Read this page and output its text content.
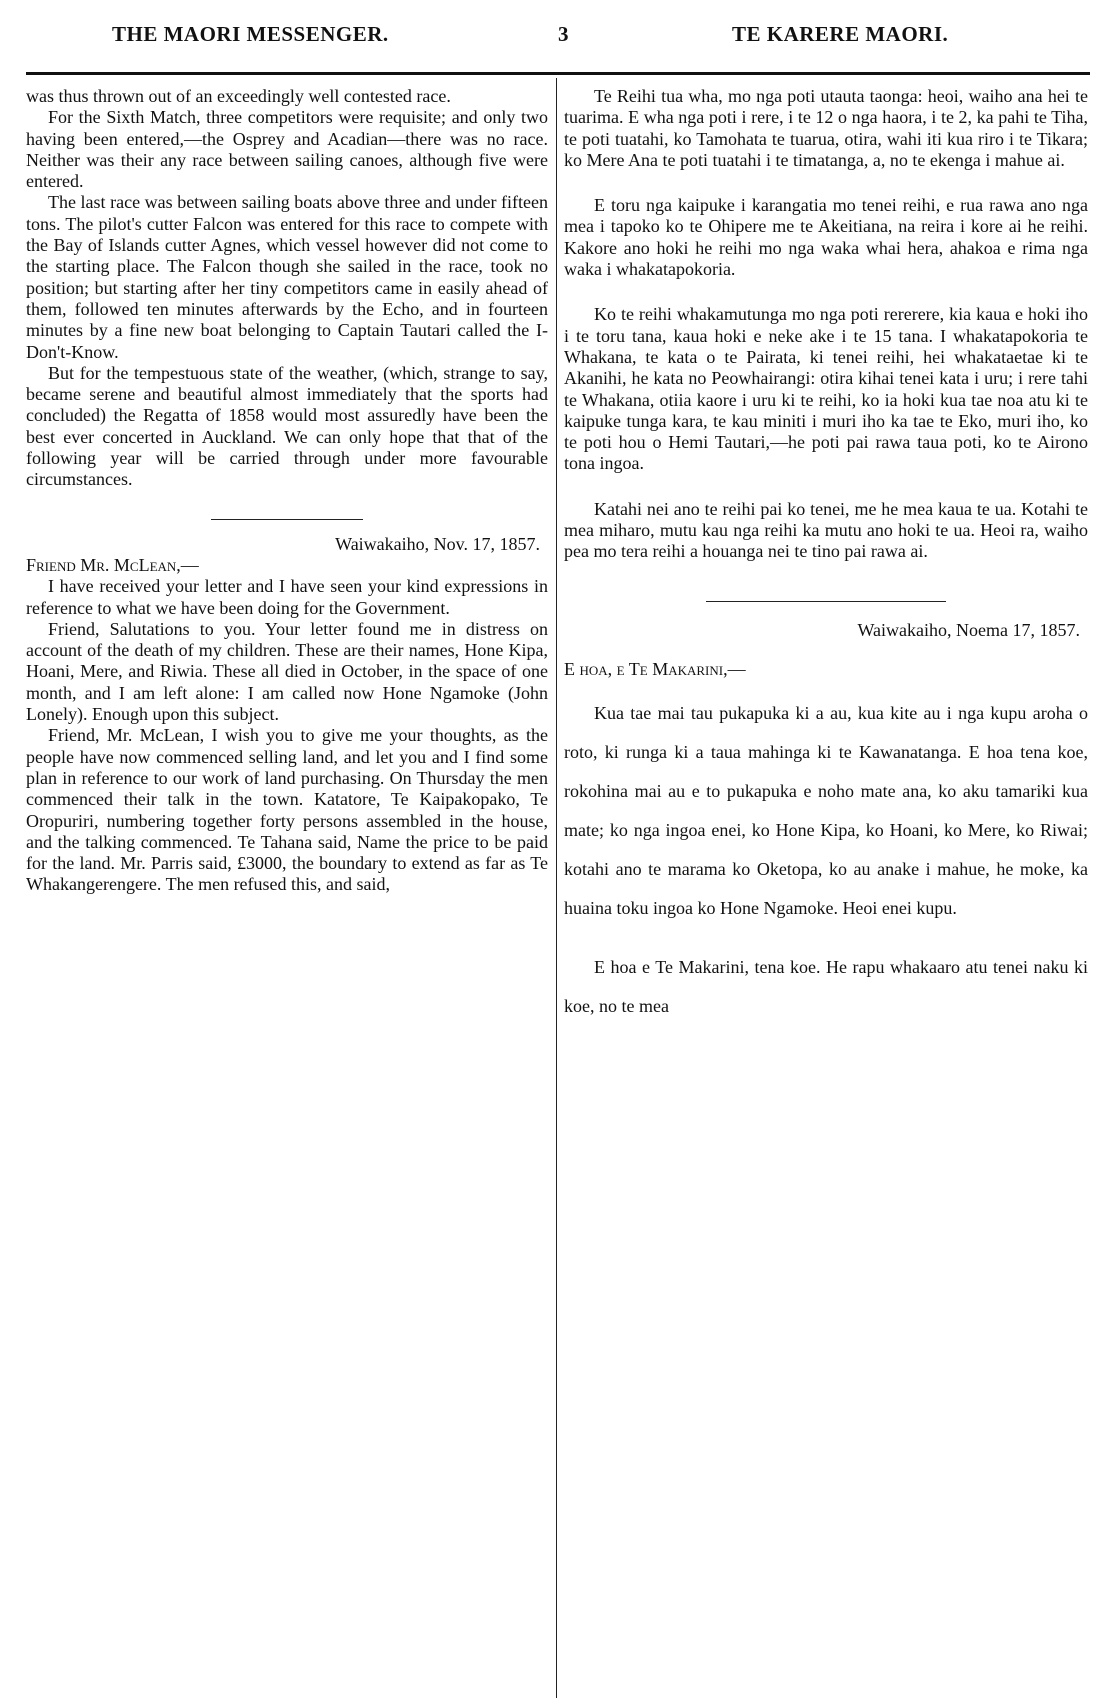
THE MAORI MESSENGER.	3	TE KARERE MAORI.

was thus thrown out of an exceedingly well contested race.

For the Sixth Match, three competitors were requisite; and only two having been entered,—the Osprey and Acadian—there was no race. Neither was their any race between sailing canoes, although five were entered.

The last race was between sailing boats above three and under fifteen tons. The pilot's cutter Falcon was entered for this race to compete with the Bay of Islands cutter Agnes, which vessel however did not come to the starting place. The Falcon though she sailed in the race, took no position; but starting after her tiny competitors came in easily ahead of them, followed ten minutes afterwards by the Echo, and in fourteen minutes by a fine new boat belonging to Captain Tautari called the I-Don't-Know.

But for the tempestuous state of the weather, (which, strange to say, became serene and beautiful almost immediately that the sports had concluded) the Regatta of 1858 would most assuredly have been the best ever concerted in Auckland. We can only hope that that of the following year will be carried through under more favourable circumstances.

Waiwakaiho, Nov. 17, 1857.

Friend Mr. McLean,—

I have received your letter and I have seen your kind expressions in reference to what we have been doing for the Government.

Friend, Salutations to you. Your letter found me in distress on account of the death of my children. These are their names, Hone Kipa, Hoani, Mere, and Riwia. These all died in October, in the space of one month, and I am left alone: I am called now Hone Ngamoke (John Lonely). Enough upon this subject.

Friend, Mr. McLean, I wish you to give me your thoughts, as the people have now commenced selling land, and let you and I find some plan in reference to our work of land purchasing. On Thursday the men commenced their talk in the town. Katatore, Te Kaipakopako, Te Oropuriri, numbering together forty persons assembled in the house, and the talking commenced. Te Tahana said, Name the price to be paid for the land. Mr. Parris said, £3000, the boundary to extend as far as Te Whakangerengere. The men refused this, and said,

Te Reihi tua wha, mo nga poti utauta taonga: heoi, waiho ana hei te tuarima. E wha nga poti i rere, i te 12 o nga haora, i te 2, ka pahi te Tiha, te poti tuatahi, ko Tamohata te tuarua, otira, wahi iti kua riro i te Tikara; ko Mere Ana te poti tuatahi i te timatanga, a, no te ekenga i mahue ai.

E toru nga kaipuke i karangatia mo tenei reihi, e rua rawa ano nga mea i tapoko ko te Ohipere me te Akeitiana, na reira i kore ai he reihi. Kakore ano hoki he reihi mo nga waka whai hera, ahakoa e rima nga waka i whakatapokoria.

Ko te reihi whakamutunga mo nga poti rererere, kia kaua e hoki iho i te toru tana, kaua hoki e neke ake i te 15 tana. I whakatapokoria te Whakana, te kata o te Pairata, ki tenei reihi, hei whakataetae ki te Akanihi, he kata no Peowhairangi: otira kihai tenei kata i uru; i rere tahi te Whakana, otiia kaore i uru ki te reihi, ko ia hoki kua tae noa atu ki te kaipuke tunga kara, te kau miniti i muri iho ka tae te Eko, muri iho, ko te poti hou o Hemi Tautari,—he poti pai rawa taua poti, ko te Airono tona ingoa.

Katahi nei ano te reihi pai ko tenei, me he mea kaua te ua. Kotahi te mea miharo, mutu kau nga reihi ka mutu ano hoki te ua. Heoi ra, waiho pea mo tera reihi a houanga nei te tino pai rawa ai.

Waiwakaiho, Noema 17, 1857.

E hoa, e Te Makarini,—

Kua tae mai tau pukapuka ki a au, kua kite au i nga kupu aroha o roto, ki runga ki a taua mahinga ki te Kawanatanga. E hoa tena koe, rokohina mai au e to pukapuka e noho mate ana, ko aku tamariki kua mate; ko nga ingoa enei, ko Hone Kipa, ko Hoani, ko Mere, ko Riwai; kotahi ano te marama ko Oketopa, ko au anake i mahue, he moke, ka huaina toku ingoa ko Hone Ngamoke. Heoi enei kupu.

E hoa e Te Makarini, tena koe. He rapu whakaaro atu tenei naku ki koe, no te mea
